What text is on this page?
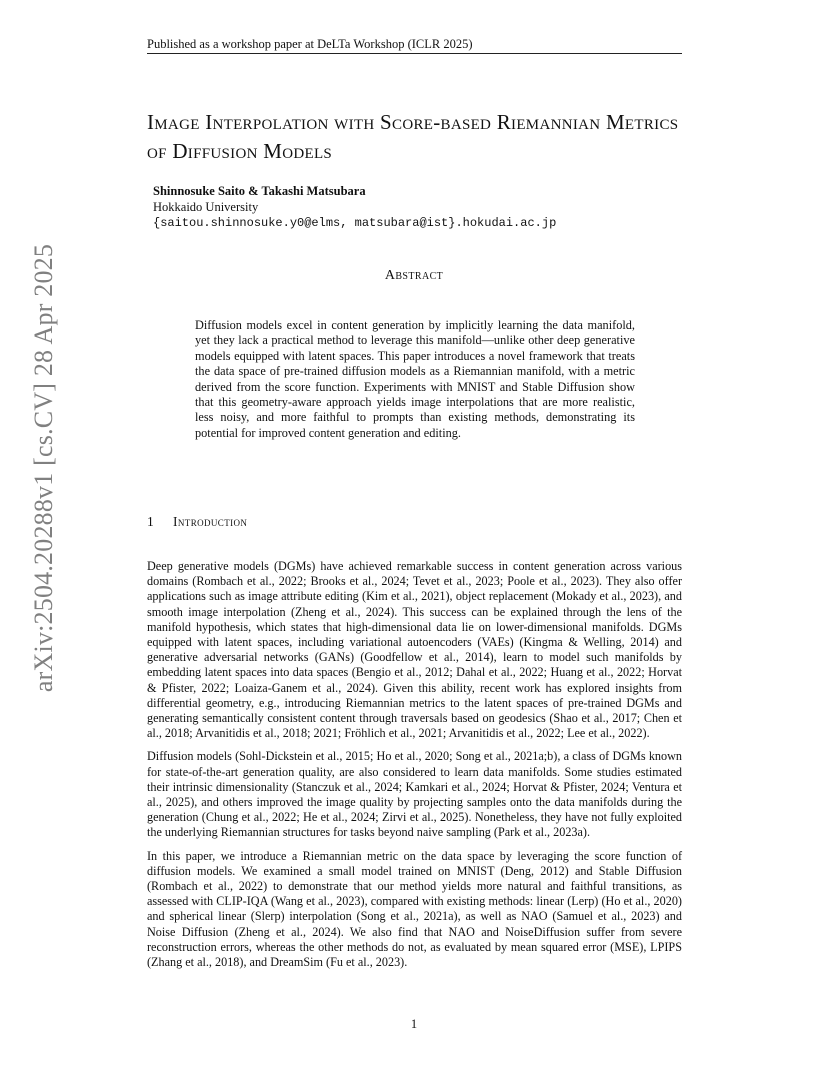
Published as a workshop paper at DeLTa Workshop (ICLR 2025)
arXiv:2504.20288v1 [cs.CV] 28 Apr 2025
Image Interpolation with Score-based Riemannian Metrics of Diffusion Models
Shinnosuke Saito & Takashi Matsubara
Hokkaido University
{saitou.shinnosuke.y0@elms, matsubara@ist}.hokudai.ac.jp
Abstract
Diffusion models excel in content generation by implicitly learning the data manifold, yet they lack a practical method to leverage this manifold—unlike other deep generative models equipped with latent spaces. This paper introduces a novel framework that treats the data space of pre-trained diffusion models as a Riemannian manifold, with a metric derived from the score function. Experiments with MNIST and Stable Diffusion show that this geometry-aware approach yields image interpolations that are more realistic, less noisy, and more faithful to prompts than existing methods, demonstrating its potential for improved content generation and editing.
1 Introduction

Deep generative models (DGMs) have achieved remarkable success in content generation across various domains (Rombach et al., 2022; Brooks et al., 2024; Tevet et al., 2023; Poole et al., 2023). They also offer applications such as image attribute editing (Kim et al., 2021), object replacement (Mokady et al., 2023), and smooth image interpolation (Zheng et al., 2024). This success can be explained through the lens of the manifold hypothesis, which states that high-dimensional data lie on lower-dimensional manifolds. DGMs equipped with latent spaces, including variational autoencoders (VAEs) (Kingma & Welling, 2014) and generative adversarial networks (GANs) (Goodfellow et al., 2014), learn to model such manifolds by embedding latent spaces into data spaces (Bengio et al., 2012; Dahal et al., 2022; Huang et al., 2022; Horvat & Pfister, 2022; Loaiza-Ganem et al., 2024). Given this ability, recent work has explored insights from differential geometry, e.g., introducing Riemannian metrics to the latent spaces of pre-trained DGMs and generating semantically consistent content through traversals based on geodesics (Shao et al., 2017; Chen et al., 2018; Arvanitidis et al., 2018; 2021; Fröhlich et al., 2021; Arvanitidis et al., 2022; Lee et al., 2022).

Diffusion models (Sohl-Dickstein et al., 2015; Ho et al., 2020; Song et al., 2021a;b), a class of DGMs known for state-of-the-art generation quality, are also considered to learn data manifolds. Some studies estimated their intrinsic dimensionality (Stanczuk et al., 2024; Kamkari et al., 2024; Horvat & Pfister, 2024; Ventura et al., 2025), and others improved the image quality by projecting samples onto the data manifolds during the generation (Chung et al., 2022; He et al., 2024; Zirvi et al., 2025). Nonetheless, they have not fully exploited the underlying Riemannian structures for tasks beyond naive sampling (Park et al., 2023a).

In this paper, we introduce a Riemannian metric on the data space by leveraging the score function of diffusion models. We examined a small model trained on MNIST (Deng, 2012) and Stable Diffusion (Rombach et al., 2022) to demonstrate that our method yields more natural and faithful transitions, as assessed with CLIP-IQA (Wang et al., 2023), compared with existing methods: linear (Lerp) (Ho et al., 2020) and spherical linear (Slerp) interpolation (Song et al., 2021a), as well as NAO (Samuel et al., 2023) and Noise Diffusion (Zheng et al., 2024). We also find that NAO and NoiseDiffusion suffer from severe reconstruction errors, whereas the other methods do not, as evaluated by mean squared error (MSE), LPIPS (Zhang et al., 2018), and DreamSim (Fu et al., 2023).

1
